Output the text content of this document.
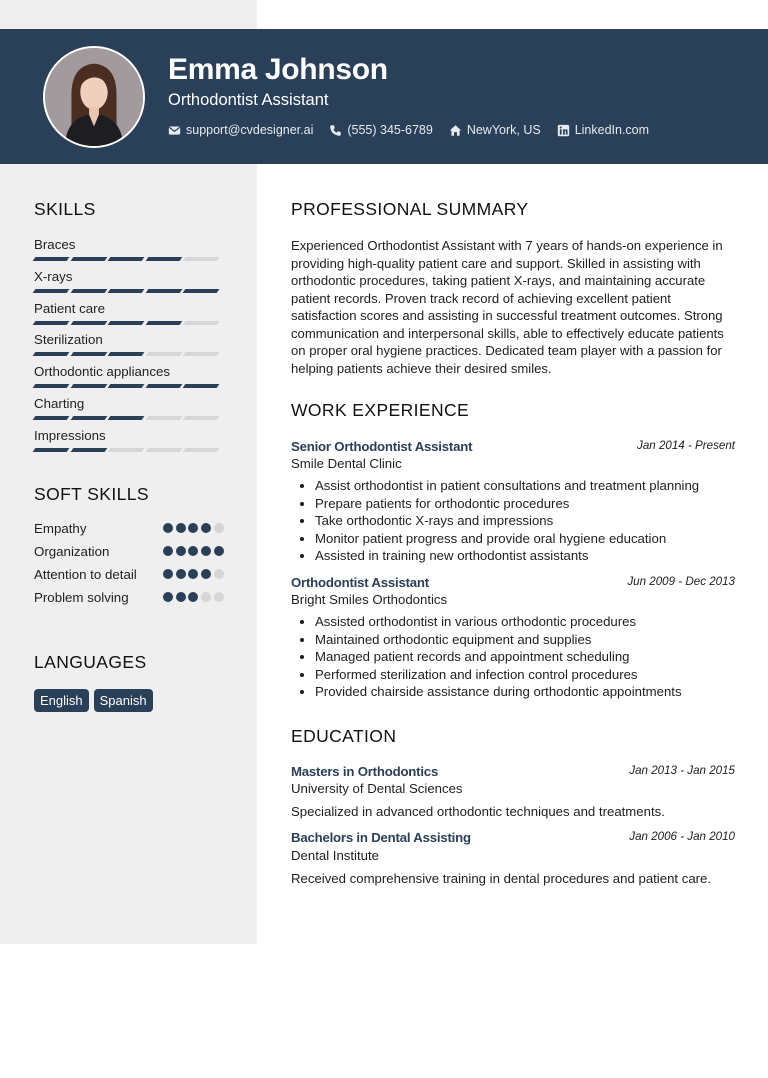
Emma Johnson
Orthodontist Assistant
support@cvdesigner.ai	(555) 345-6789	NewYork, US	LinkedIn.com
SKILLS
Braces
X-rays
Patient care
Sterilization
Orthodontic appliances
Charting
Impressions
SOFT SKILLS
Empathy
Organization
Attention to detail
Problem solving
LANGUAGES
English	Spanish
PROFESSIONAL SUMMARY
Experienced Orthodontist Assistant with 7 years of hands-on experience in providing high-quality patient care and support. Skilled in assisting with orthodontic procedures, taking patient X-rays, and maintaining accurate patient records. Proven track record of achieving excellent patient satisfaction scores and assisting in successful treatment outcomes. Strong communication and interpersonal skills, able to effectively educate patients on proper oral hygiene practices. Dedicated team player with a passion for helping patients achieve their desired smiles.
WORK EXPERIENCE
Senior Orthodontist Assistant	Jan 2014 - Present
Smile Dental Clinic
• Assist orthodontist in patient consultations and treatment planning
• Prepare patients for orthodontic procedures
• Take orthodontic X-rays and impressions
• Monitor patient progress and provide oral hygiene education
• Assisted in training new orthodontist assistants
Orthodontist Assistant	Jun 2009 - Dec 2013
Bright Smiles Orthodontics
• Assisted orthodontist in various orthodontic procedures
• Maintained orthodontic equipment and supplies
• Managed patient records and appointment scheduling
• Performed sterilization and infection control procedures
• Provided chairside assistance during orthodontic appointments
EDUCATION
Masters in Orthodontics	Jan 2013 - Jan 2015
University of Dental Sciences
Specialized in advanced orthodontic techniques and treatments.
Bachelors in Dental Assisting	Jan 2006 - Jan 2010
Dental Institute
Received comprehensive training in dental procedures and patient care.
